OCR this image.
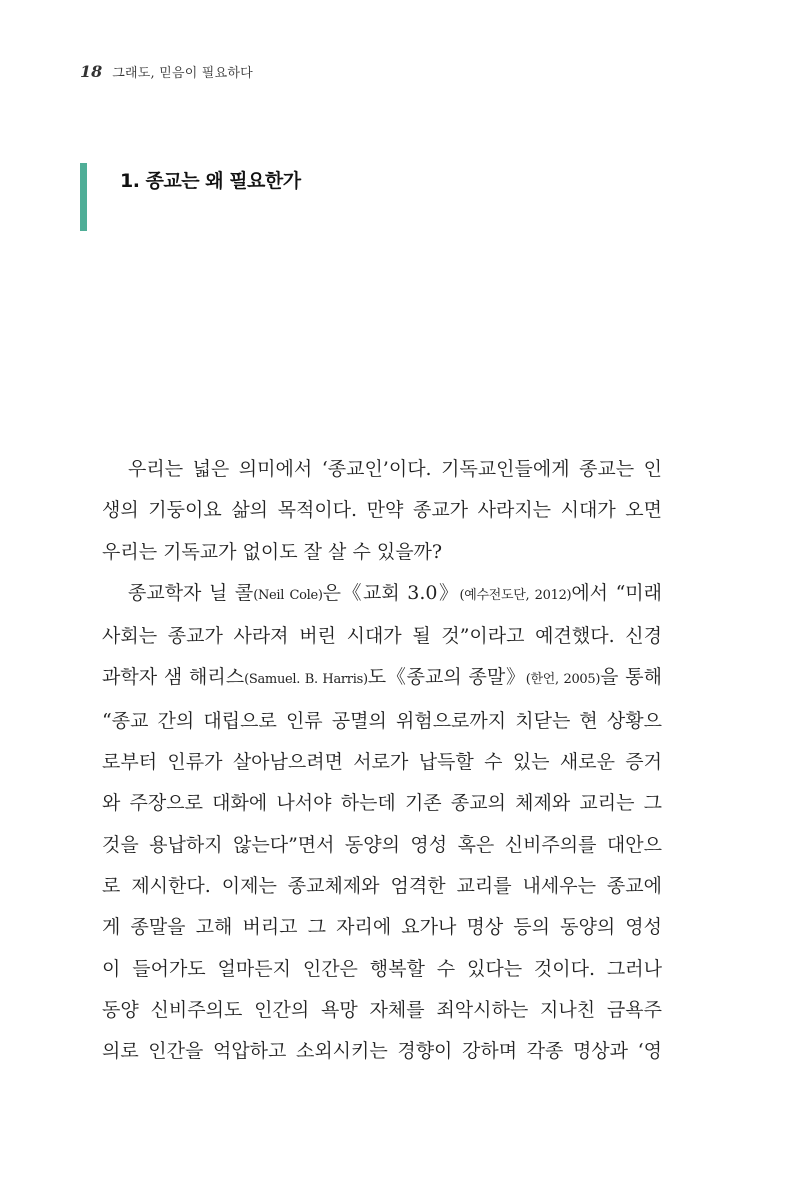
18 그래도, 믿음이 필요하다
1. 종교는 왜 필요한가
우리는 넓은 의미에서 ‘종교인’이다. 기독교인들에게 종교는 인
생의 기둥이요 삶의 목적이다. 만약 종교가 사라지는 시대가 오면
우리는 기독교가 없이도 잘 살 수 있을까?
종교학자 닐 콜(Neil Cole)은《교회 3.0》(예수전도단, 2012)에서 “미래
사회는 종교가 사라져 버린 시대가 될 것”이라고 예견했다. 신경
과학자 샘 해리스(Samuel. B. Harris)도《종교의 종말》(한언, 2005)을 통해
“종교 간의 대립으로 인류 공멸의 위험으로까지 치닫는 현 상황으
로부터 인류가 살아남으려면 서로가 납득할 수 있는 새로운 증거
와 주장으로 대화에 나서야 하는데 기존 종교의 체제와 교리는 그
것을 용납하지 않는다”면서 동양의 영성 혹은 신비주의를 대안으
로 제시한다. 이제는 종교체제와 엄격한 교리를 내세우는 종교에
게 종말을 고해 버리고 그 자리에 요가나 명상 등의 동양의 영성
이 들어가도 얼마든지 인간은 행복할 수 있다는 것이다. 그러나
동양 신비주의도 인간의 욕망 자체를 죄악시하는 지나친 금욕주
의로 인간을 억압하고 소외시키는 경향이 강하며 각종 명상과 ‘영
